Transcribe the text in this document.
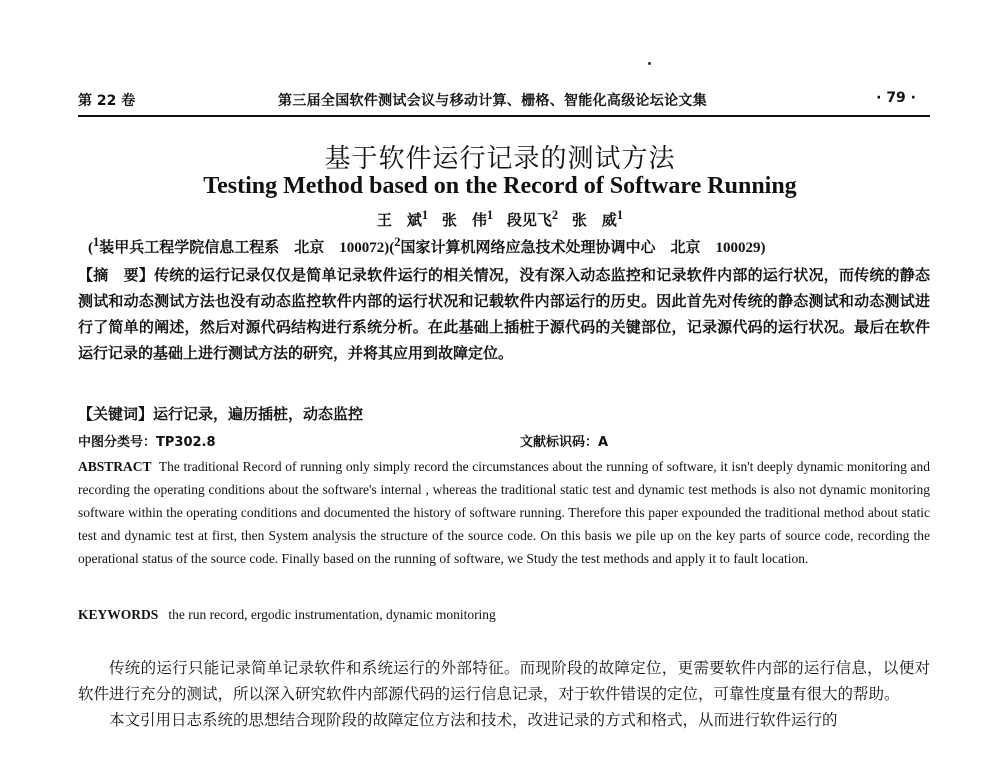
第 22 卷	第三届全国软件测试会议与移动计算、栅格、智能化高级论坛论文集	· 79 ·
基于软件运行记录的测试方法
Testing Method based on the Record of Software Running
王　斌$^1$ 张　伟$^1$ 段见飞$^2$ 张　威$^1$
($^1$装甲兵工程学院信息工程系　北京　100072)($^2$国家计算机网络应急技术处理协调中心　北京　100029)
【摘　要】传统的运行记录仅仅是简单记录软件运行的相关情况，没有深入动态监控和记录软件内部的运行状况，而传统的静态测试和动态测试方法也没有动态监控软件内部的运行状况和记载软件内部运行的历史。因此首先对传统的静态测试和动态测试进行了简单的阐述，然后对源代码结构进行系统分析。在此基础上插桩于源代码的关键部位，记录源代码的运行状况。最后在软件运行记录的基础上进行测试方法的研究，并将其应用到故障定位。
【关键词】运行记录，遍历插桩，动态监控
中图分类号：TP302.8	文献标识码：A
ABSTRACT The traditional Record of running only simply record the circumstances about the running of software, it isn't deeply dynamic monitoring and recording the operating conditions about the software's internal , whereas the traditional static test and dynamic test methods is also not dynamic monitoring software within the operating conditions and documented the history of software running. Therefore this paper expounded the traditional method about static test and dynamic test at first, then System analysis the structure of the source code. On this basis we pile up on the key parts of source code, recording the operational status of the source code. Finally based on the running of software, we Study the test methods and apply it to fault location.
KEYWORDS the run record, ergodic instrumentation, dynamic monitoring

传统的运行只能记录简单记录软件和系统运行的外部特征。而现阶段的故障定位，更需要软件内部的运行信息，以便对软件进行充分的测试，所以深入研究软件内部源代码的运行信息记录，对于软件错误的定位，可靠性度量有很大的帮助。

本文引用日志系统的思想结合现阶段的故障定位方法和技术，改进记录的方式和格式，从而进行软件运行的
